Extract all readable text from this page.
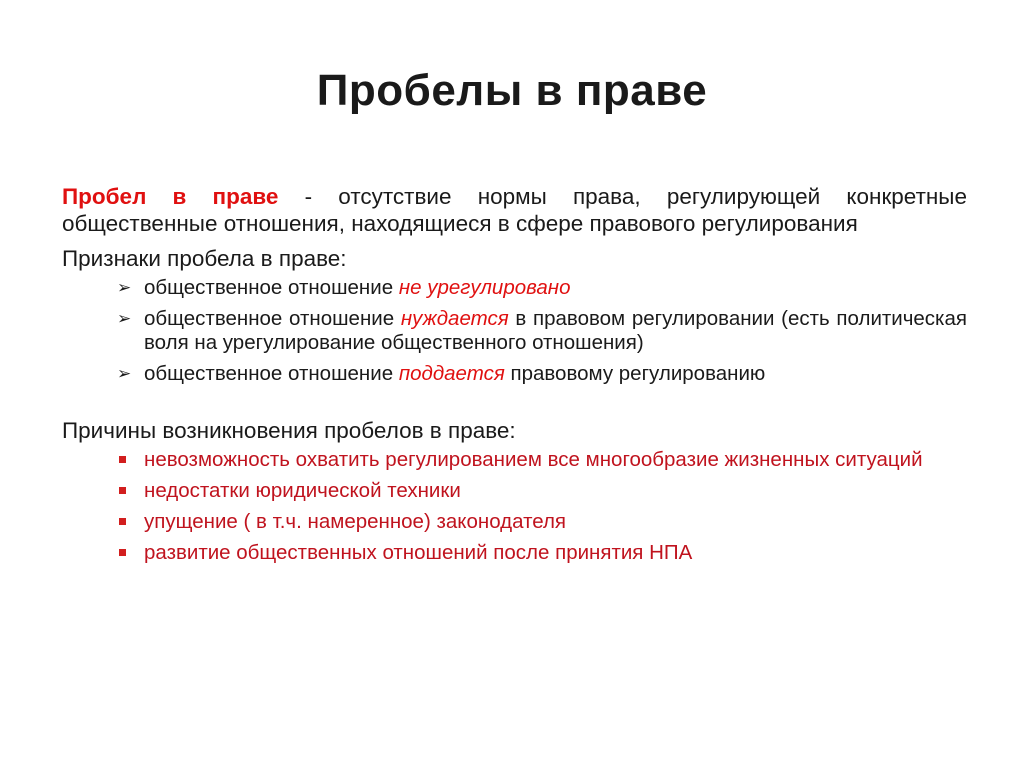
Пробелы в праве

Пробел в праве - отсутствие нормы права, регулирующей конкретные общественные отношения, находящиеся в сфере правового регулирования

Признаки пробела в праве:
➢ общественное отношение не урегулировано
➢ общественное отношение нуждается в правовом регулировании (есть политическая воля на урегулирование общественного отношения)
➢ общественное отношение поддается правовому регулированию
Причины возникновения пробелов в праве:
невозможность охватить регулированием все многообразие жизненных ситуаций
недостатки юридической техники
упущение ( в т.ч. намеренное) законодателя
развитие общественных отношений после принятия НПА
